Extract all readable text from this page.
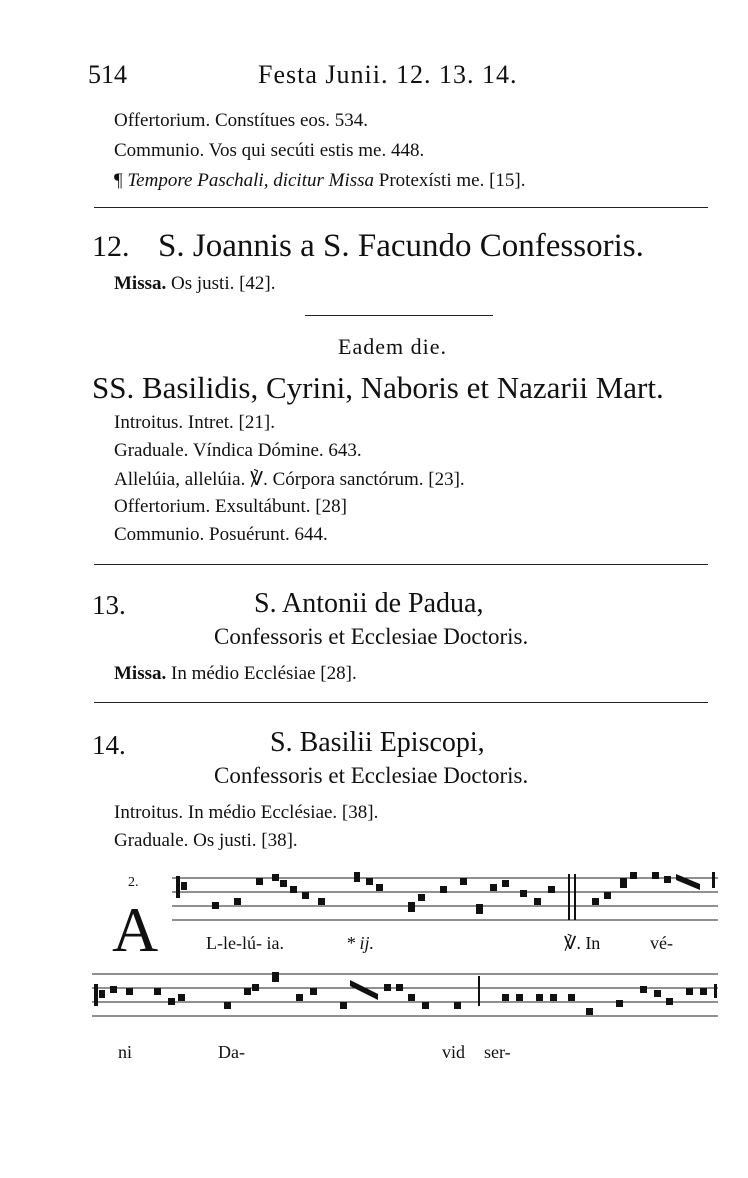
514	Festa Junii. 12. 13. 14.
Offertorium. Constítues eos. 534.
Communio. Vos qui secúti estis me. 448.
¶ Tempore Paschali, dicitur Missa Protexísti me. [15].
12. S. Joannis a S. Facundo Confessoris.
Missa. Os justi. [42].
Eadem die.
SS. Basilidis, Cyrini, Naboris et Nazarii Mart.
Introitus. Intret. [21].
Graduale. Víndica Dómine. 643.
Allelúia, allelúia. ℣. Córpora sanctórum. [23].
Offertorium. Exsultábunt. [28]
Communio. Posuérunt. 644.
13.	S. Antonii de Padua,
Confessoris et Ecclesiae Doctoris.
Missa. In médio Ecclésiae [28].
14.	S. Basilii Episcopi,
Confessoris et Ecclesiae Doctoris.
Introitus. In médio Ecclésiae. [38].
Graduale. Os justi. [38].
2.
A	L-le-lú- ia.	* ij.	℣. In	vé-
ni	Da-	vid ser-
